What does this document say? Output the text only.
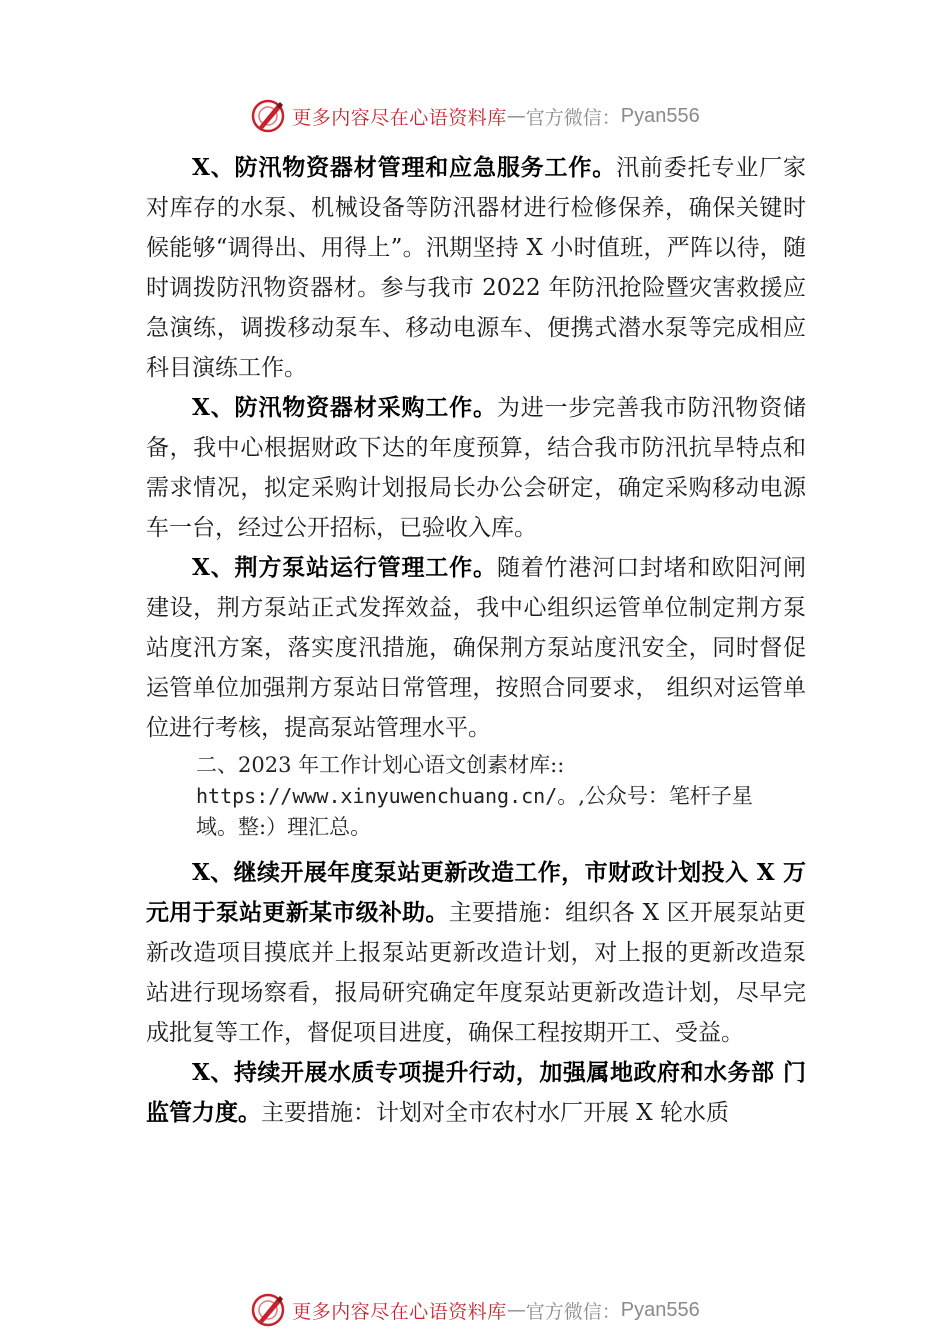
更多内容尽在心语资料库 — 官方微信： Pyan556

X、防汛物资器材管理和应急服务工作。汛前委托专业厂家对库存的水泵、机械设备等防汛器材进行检修保养，确保关键时候能够“调得出、用得上”。汛期坚持 X 小时值班，严阵以待，随时调拨防汛物资器材。参与我市 2022 年防汛抢险暨灾害救援应急演练，调拨移动泵车、移动电源车、便携式潜水泵等完成相应科目演练工作。

X、防汛物资器材采购工作。为进一步完善我市防汛物资储备，我中心根据财政下达的年度预算，结合我市防汛抗旱特点和需求情况，拟定采购计划报局长办公会研定，确定采购移动电源车一台，经过公开招标，已验收入库。

X、荆方泵站运行管理工作。随着竹港河口封堵和欧阳河闸建设，荆方泵站正式发挥效益，我中心组织运管单位制定荆方泵站度汛方案，落实度汛措施，确保荆方泵站度汛安全，同时督促运管单位加强荆方泵站日常管理，按照合同要求， 组织对运管单位进行考核，提高泵站管理水平。

二、2023 年工作计划心语文创素材库::
https://www.xinyuwenchuang.cn/。,公众号：笔杆子星
域。整:）理汇总。

X、继续开展年度泵站更新改造工作，市财政计划投入 X 万元用于泵站更新某市级补助。主要措施：组织各 X 区开展泵站更新改造项目摸底并上报泵站更新改造计划，对上报的更新改造泵站进行现场察看，报局研究确定年度泵站更新改造计划，尽早完成批复等工作，督促项目进度，确保工程按期开工、受益。

X、持续开展水质专项提升行动，加强属地政府和水务部 门监管力度。主要措施：计划对全市农村水厂开展 X 轮水质

更多内容尽在心语资料库 — 官方微信： Pyan556
